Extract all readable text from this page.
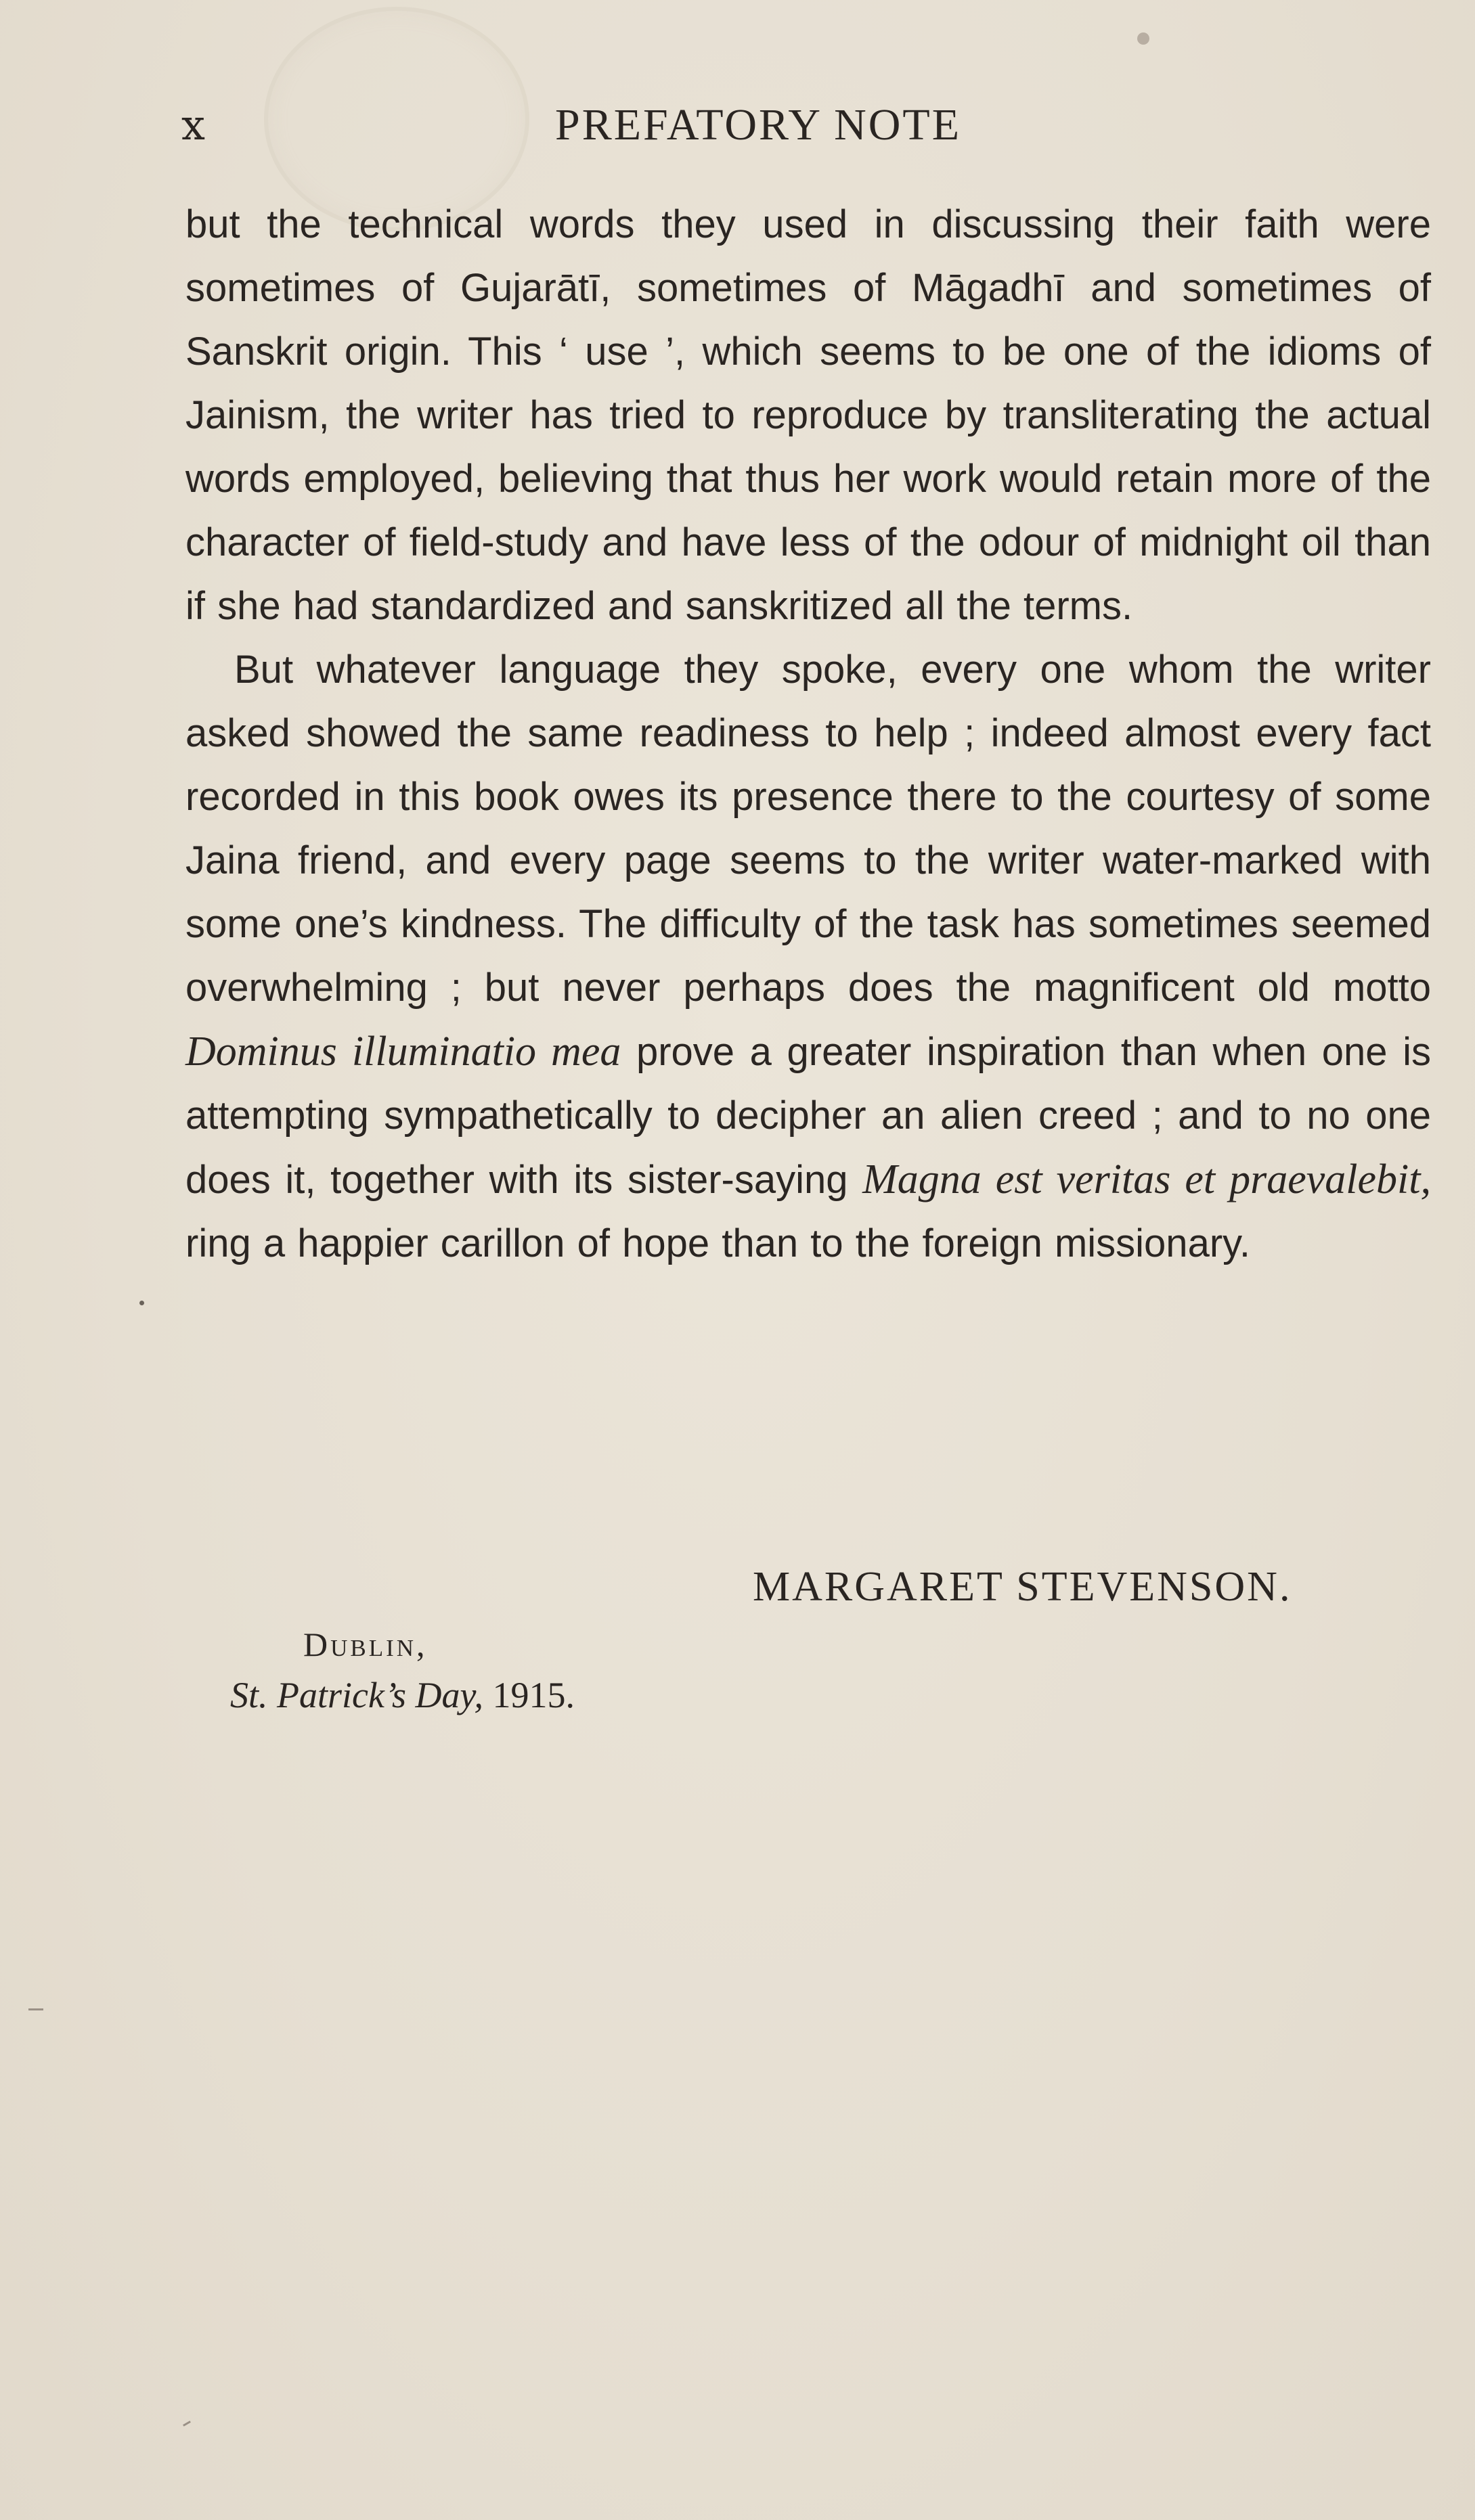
x	PREFATORY NOTE

but the technical words they used in discussing their faith were sometimes of Gujarātī, sometimes of Māgadhī and sometimes of Sanskrit origin. This ‘ use ’, which seems to be one of the idioms of Jainism, the writer has tried to reproduce by transliterating the actual words employed, believing that thus her work would retain more of the character of field-study and have less of the odour of midnight oil than if she had standardized and sanskritized all the terms.

But whatever language they spoke, every one whom the writer asked showed the same readiness to help ; indeed almost every fact recorded in this book owes its presence there to the courtesy of some Jaina friend, and every page seems to the writer water-marked with some one’s kindness. The difficulty of the task has sometimes seemed overwhelming ; but never perhaps does the magnificent old motto Dominus illuminatio mea prove a greater inspiration than when one is attempting sympathetically to decipher an alien creed ; and to no one does it, together with its sister-saying Magna est veritas et praevalebit, ring a happier carillon of hope than to the foreign missionary.

MARGARET STEVENSON.
Dublin,
St. Patrick’s Day, 1915.
